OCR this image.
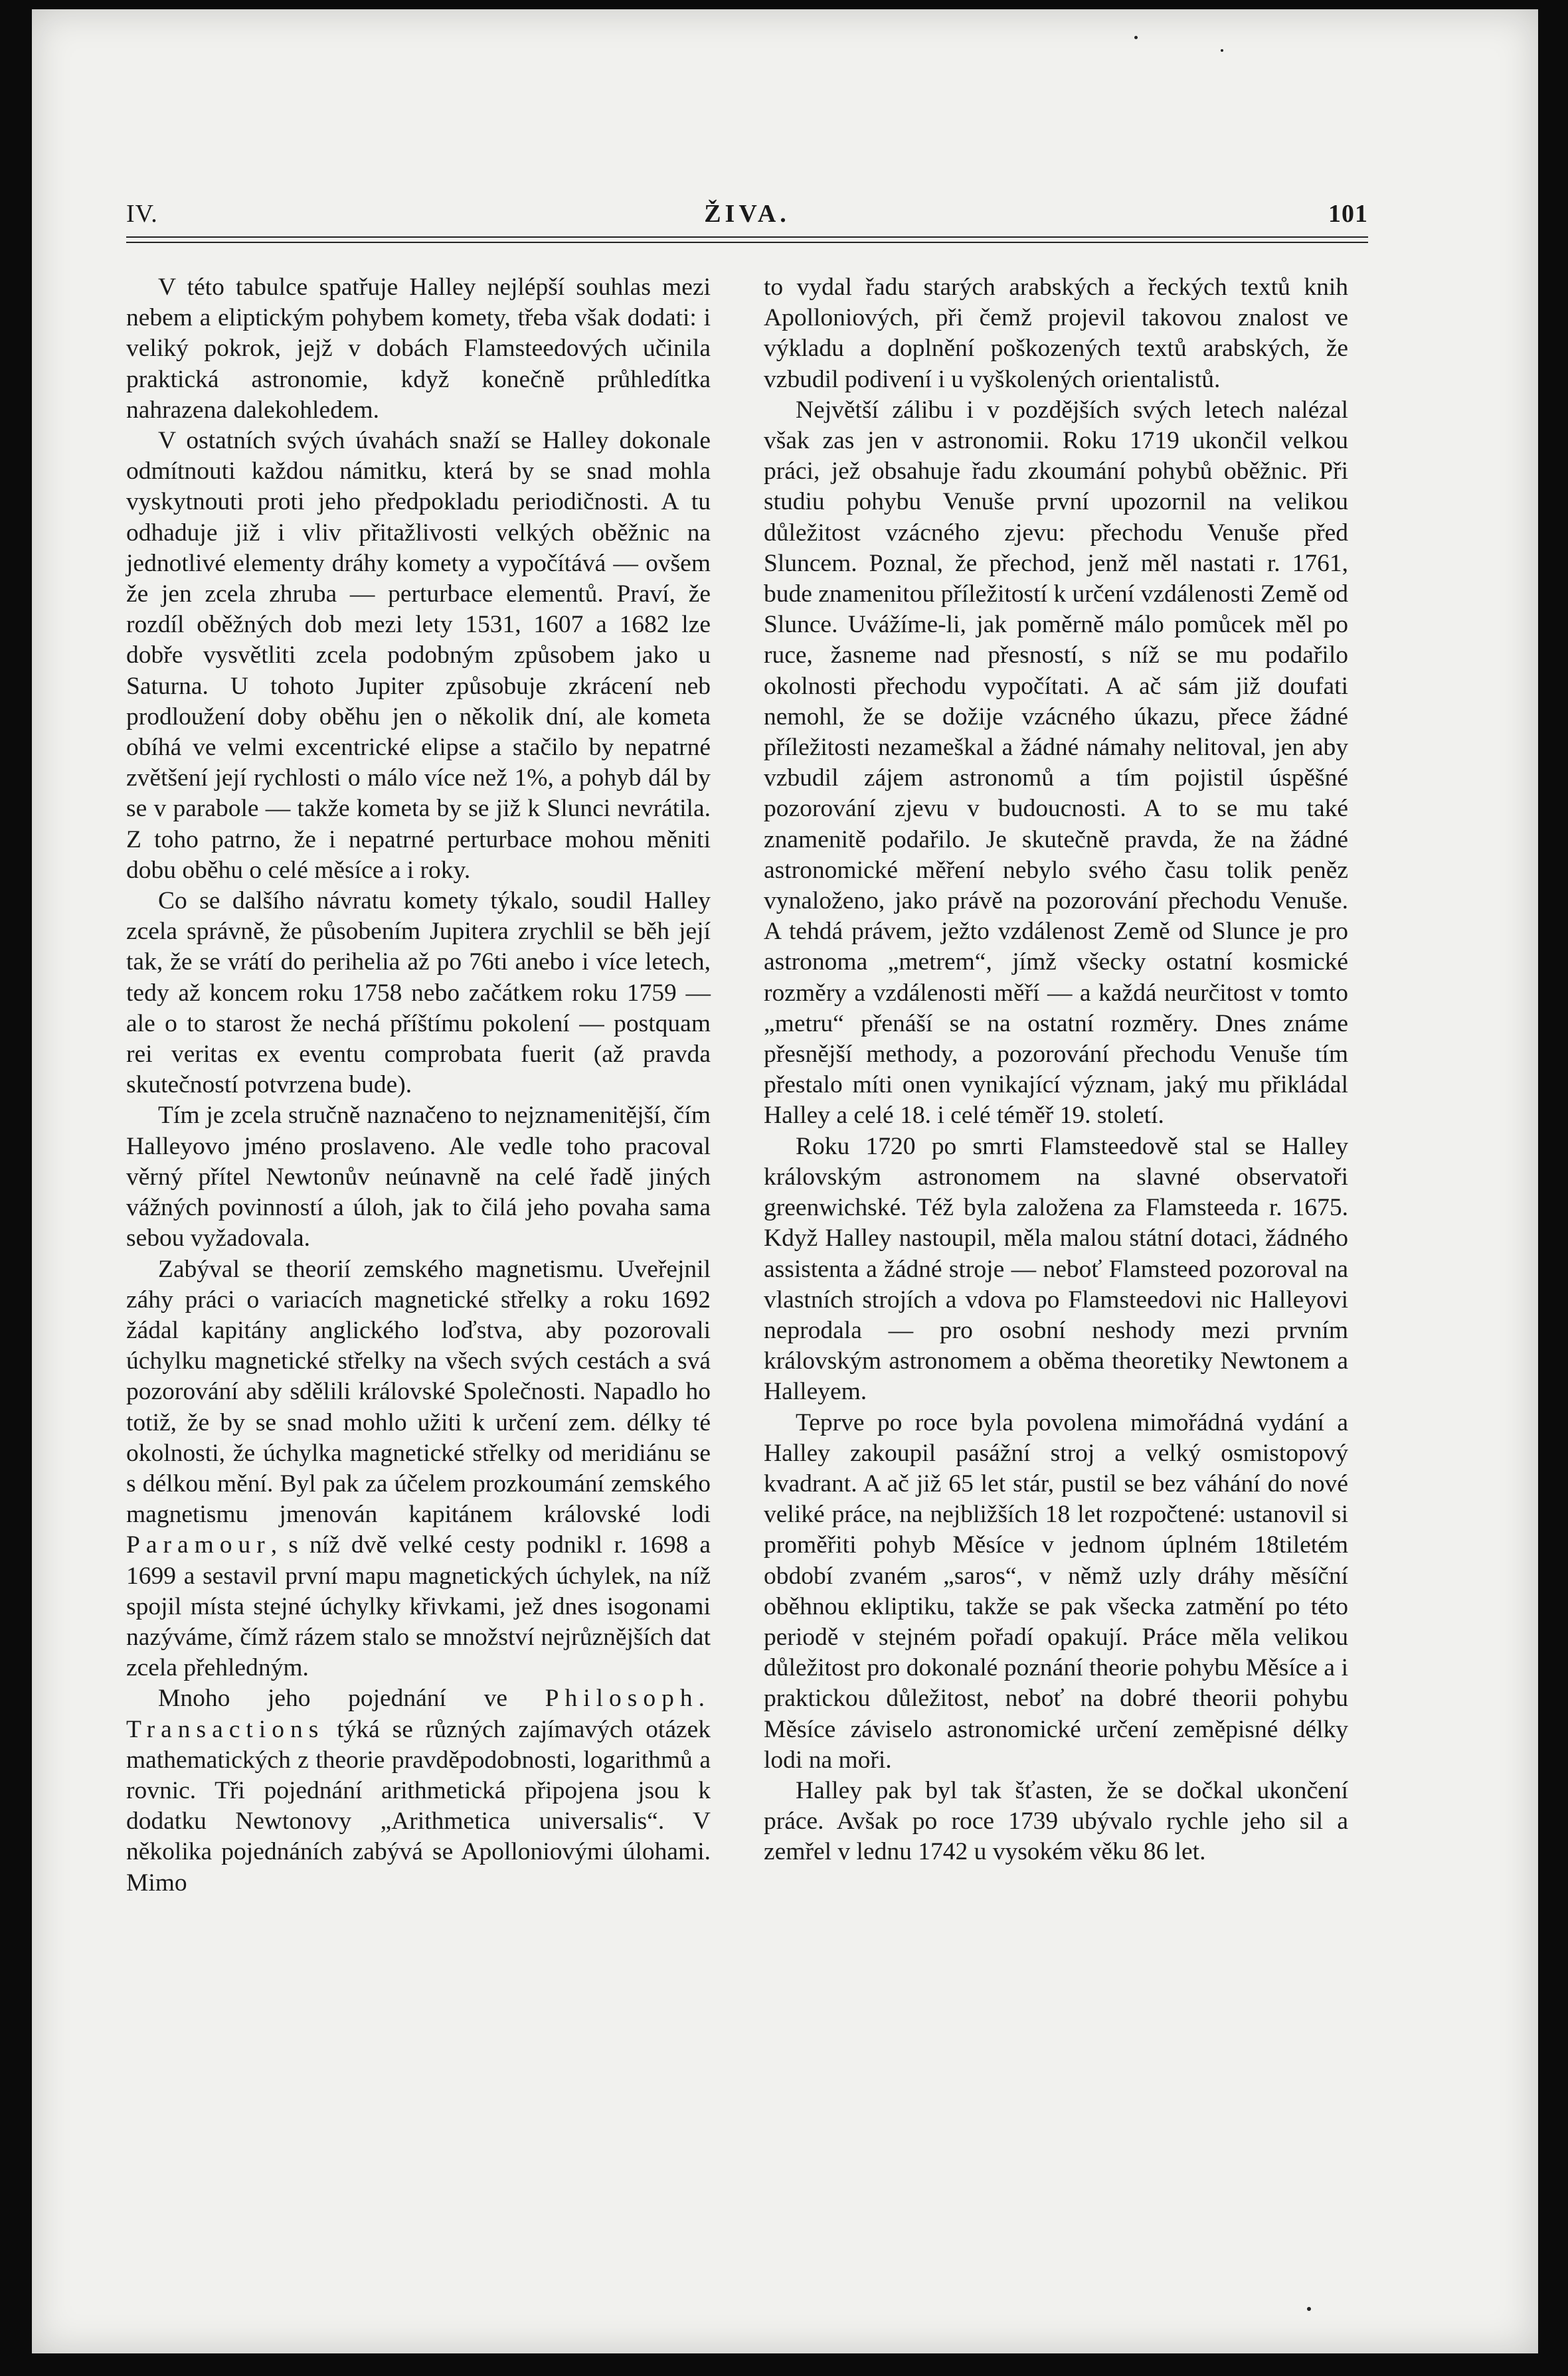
ŽIVA.
IV.	101

V této tabulce spatřuje Halley nejlépší souhlas mezi nebem a eliptickým pohybem komety, třeba však dodati: i veliký pokrok, jejž v dobách Flamsteedových učinila praktická astronomie, když konečně průhledítka nahrazena dalekohledem.

V ostatních svých úvahách snaží se Halley dokonale odmítnouti každou námitku, která by se snad mohla vyskytnouti proti jeho předpokladu periodičnosti. A tu odhaduje již i vliv přitažlivosti velkých oběžnic na jednotlivé elementy dráhy komety a vypočítává — ovšem že jen zcela zhruba — perturbace elementů. Praví, že rozdíl oběžných dob mezi lety 1531, 1607 a 1682 lze dobře vysvětliti zcela podobným způsobem jako u Saturna. U tohoto Jupiter způsobuje zkrácení neb prodloužení doby oběhu jen o několik dní, ale kometa obíhá ve velmi excentrické elipse a stačilo by nepatrné zvětšení její rychlosti o málo více než 1%, a pohyb dál by se v parabole — takže kometa by se již k Slunci nevrátila. Z toho patrno, že i nepatrné perturbace mohou měniti dobu oběhu o celé měsíce a i roky.

Co se dalšího návratu komety týkalo, soudil Halley zcela správně, že působením Jupitera zrychlil se běh její tak, že se vrátí do perihelia až po 76ti anebo i více letech, tedy až koncem roku 1758 nebo začátkem roku 1759 — ale o to starost že nechá příštímu pokolení — postquam rei veritas ex eventu comprobata fuerit (až pravda skutečností potvrzena bude).

Tím je zcela stručně naznačeno to nejznamenitější, čím Halleyovo jméno proslaveno. Ale vedle toho pracoval věrný přítel Newtonův neúnavně na celé řadě jiných vážných povinností a úloh, jak to čilá jeho povaha sama sebou vyžadovala.

Zabýval se theorií zemského magnetismu. Uveřejnil záhy práci o variacích magnetické střelky a roku 1692 žádal kapitány anglického loďstva, aby pozorovali úchylku magnetické střelky na všech svých cestách a svá pozorování aby sdělili královské Společnosti. Napadlo ho totiž, že by se snad mohlo užiti k určení zem. délky té okolnosti, že úchylka magnetické střelky od meridiánu se s délkou mění. Byl pak za účelem prozkoumání zemského magnetismu jmenován kapitánem královské lodi Paramour, s níž dvě velké cesty podnikl r. 1698 a 1699 a sestavil první mapu magnetických úchylek, na níž spojil místa stejné úchylky křivkami, jež dnes isogonami nazýváme, čímž rázem stalo se množství nejrůznějších dat zcela přehledným.

Mnoho jeho pojednání ve Philosoph. Transactions týká se různých zajímavých otázek mathematických z theorie pravděpodobnosti, logarithmů a rovnic. Tři pojednání arithmetická připojena jsou k dodatku Newtonovy „Arithmetica universalis“. V několika pojednáních zabývá se Apolloniovými úlohami. Mimo

to vydal řadu starých arabských a řeckých textů knih Apolloniových, při čemž projevil takovou znalost ve výkladu a doplnění poškozených textů arabských, že vzbudil podivení i u vyškolených orientalistů.

Největší zálibu i v pozdějších svých letech nalézal však zas jen v astronomii. Roku 1719 ukončil velkou práci, jež obsahuje řadu zkoumání pohybů oběžnic. Při studiu pohybu Venuše první upozornil na velikou důležitost vzácného zjevu: přechodu Venuše před Sluncem. Poznal, že přechod, jenž měl nastati r. 1761, bude znamenitou příležitostí k určení vzdálenosti Země od Slunce. Uvážíme-li, jak poměrně málo pomůcek měl po ruce, žasneme nad přesností, s níž se mu podařilo okolnosti přechodu vypočítati. A ač sám již doufati nemohl, že se dožije vzácného úkazu, přece žádné příležitosti nezameškal a žádné námahy nelitoval, jen aby vzbudil zájem astronomů a tím pojistil úspěšné pozorování zjevu v budoucnosti. A to se mu také znamenitě podařilo. Je skutečně pravda, že na žádné astronomické měření nebylo svého času tolik peněz vynaloženo, jako právě na pozorování přechodu Venuše. A tehdá právem, ježto vzdálenost Země od Slunce je pro astronoma „metrem“, jímž všecky ostatní kosmické rozměry a vzdálenosti měří — a každá neurčitost v tomto „metru“ přenáší se na ostatní rozměry. Dnes známe přesnější methody, a pozorování přechodu Venuše tím přestalo míti onen vynikající význam, jaký mu přikládal Halley a celé 18. i celé téměř 19. století.

Roku 1720 po smrti Flamsteedově stal se Halley královským astronomem na slavné observatoři greenwichské. Též byla založena za Flamsteeda r. 1675. Když Halley nastoupil, měla malou státní dotaci, žádného assistenta a žádné stroje — neboť Flamsteed pozoroval na vlastních strojích a vdova po Flamsteedovi nic Halleyovi neprodala — pro osobní neshody mezi prvním královským astronomem a oběma theoretiky Newtonem a Halleyem.

Teprve po roce byla povolena mimořádná vydání a Halley zakoupil pasážní stroj a velký osmistopový kvadrant. A ač již 65 let stár, pustil se bez váhání do nové veliké práce, na nejbližších 18 let rozpočtené: ustanovil si proměřiti pohyb Měsíce v jednom úplném 18tiletém období zvaném „saros“, v němž uzly dráhy měsíční oběhnou ekliptiku, takže se pak všecka zatmění po této periodě v stejném pořadí opakují. Práce měla velikou důležitost pro dokonalé poznání theorie pohybu Měsíce a i praktickou důležitost, neboť na dobré theorii pohybu Měsíce záviselo astronomické určení zeměpisné délky lodi na moři.

Halley pak byl tak šťasten, že se dočkal ukončení práce. Avšak po roce 1739 ubývalo rychle jeho sil a zemřel v lednu 1742 u vysokém věku 86 let.
